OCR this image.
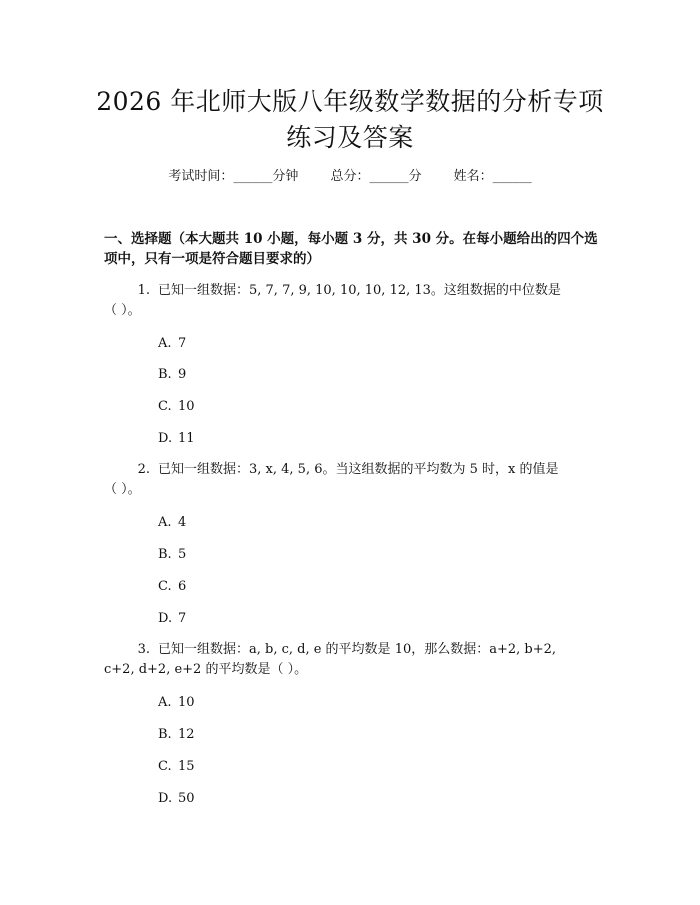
2026 年北师大版八年级数学数据的分析专项
练习及答案
考试时间：______分钟 总分：______分 姓名：______
一、选择题（本大题共 10 小题，每小题 3 分，共 30 分。在每小题给出的四个选
项中，只有一项是符合题目要求的）
1. 已知一组数据：5, 7, 7, 9, 10, 10, 10, 12, 13。这组数据的中位数是
（ ）。
A. 7
B. 9
C. 10
D. 11
2. 已知一组数据：3, x, 4, 5, 6。当这组数据的平均数为 5 时，x 的值是
（ ）。
A. 4
B. 5
C. 6
D. 7
3. 已知一组数据：a, b, c, d, e 的平均数是 10，那么数据：a+2, b+2,
c+2, d+2, e+2 的平均数是（ ）。
A. 10
B. 12
C. 15
D. 50
